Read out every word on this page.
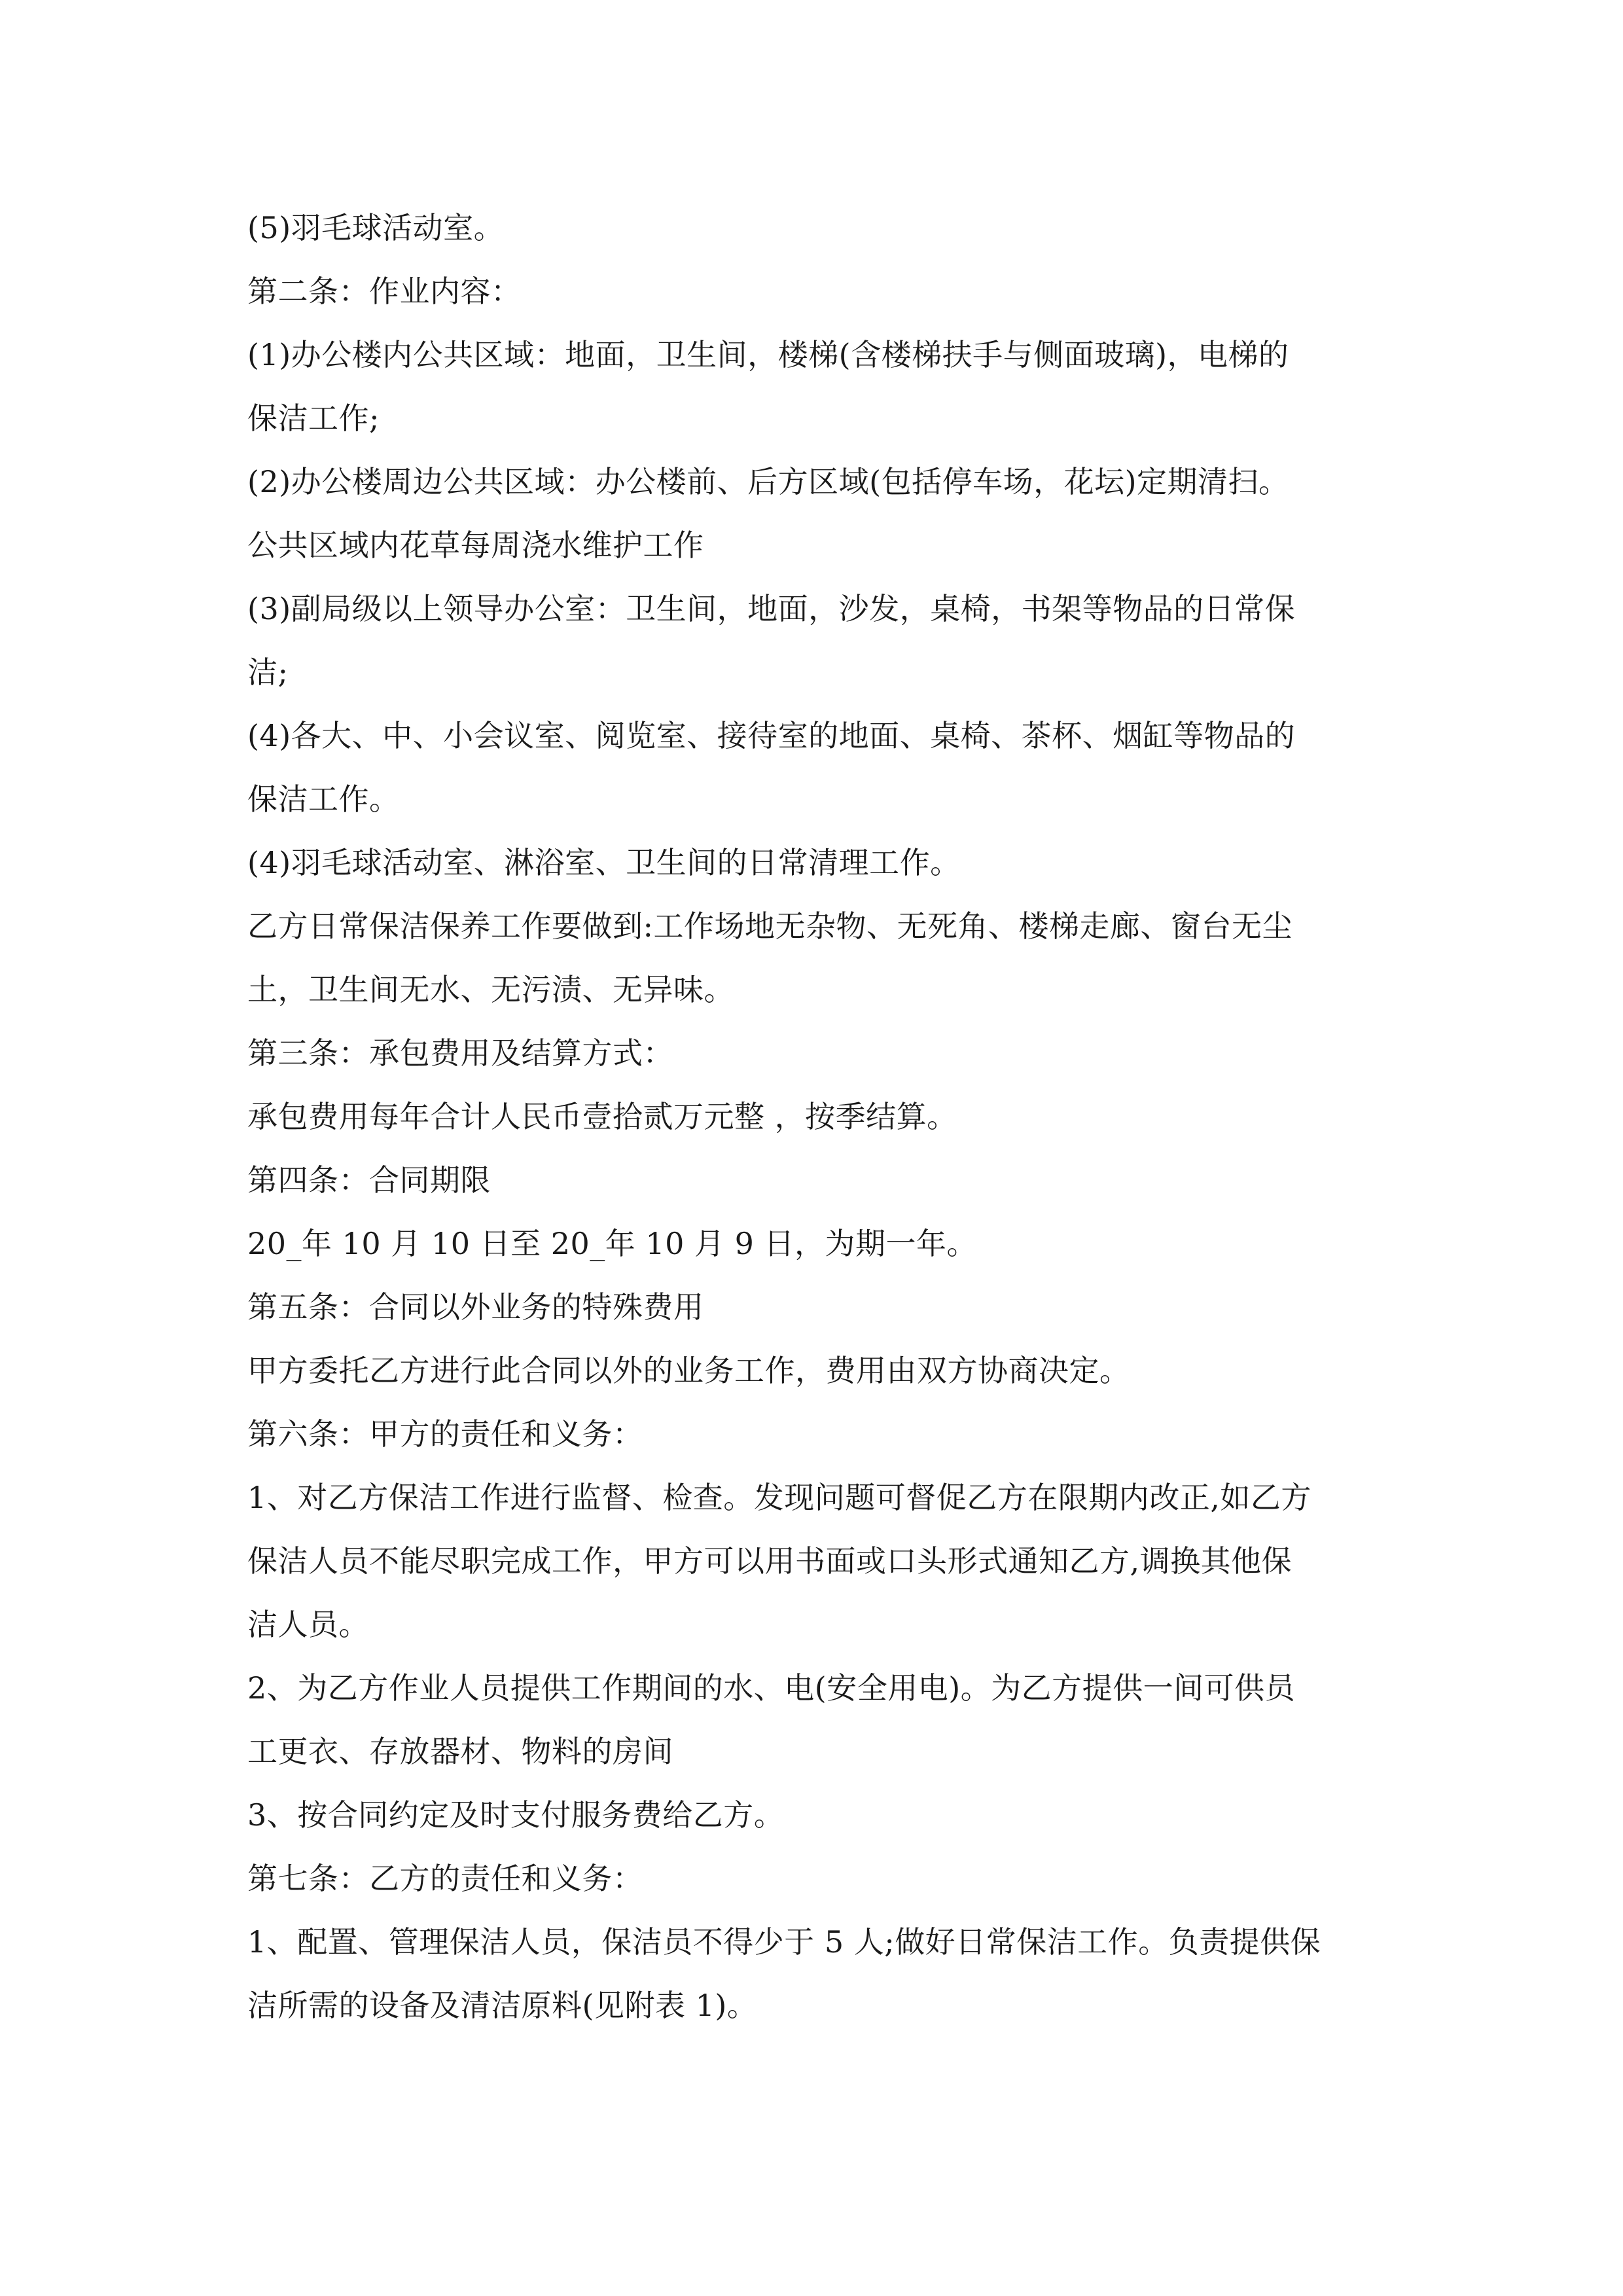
(5)羽毛球活动室。
第二条：作业内容：
(1)办公楼内公共区域：地面，卫生间，楼梯(含楼梯扶手与侧面玻璃)，电梯的
保洁工作;
(2)办公楼周边公共区域：办公楼前、后方区域(包括停车场，花坛)定期清扫。
公共区域内花草每周浇水维护工作
(3)副局级以上领导办公室：卫生间，地面，沙发，桌椅，书架等物品的日常保
洁;
(4)各大、中、小会议室、阅览室、接待室的地面、桌椅、茶杯、烟缸等物品的
保洁工作。
(4)羽毛球活动室、淋浴室、卫生间的日常清理工作。
乙方日常保洁保养工作要做到:工作场地无杂物、无死角、楼梯走廊、窗台无尘
土，卫生间无水、无污渍、无异味。
第三条：承包费用及结算方式：
承包费用每年合计人民币壹拾贰万元整 ，按季结算。
第四条：合同期限
20_年 10 月 10 日至 20_年 10 月 9 日，为期一年。
第五条：合同以外业务的特殊费用
甲方委托乙方进行此合同以外的业务工作，费用由双方协商决定。
第六条：甲方的责任和义务：
1、对乙方保洁工作进行监督、检查。发现问题可督促乙方在限期内改正,如乙方
保洁人员不能尽职完成工作，甲方可以用书面或口头形式通知乙方,调换其他保
洁人员。
2、为乙方作业人员提供工作期间的水、电(安全用电)。为乙方提供一间可供员
工更衣、存放器材、物料的房间
3、按合同约定及时支付服务费给乙方。
第七条：乙方的责任和义务：
1、配置、管理保洁人员，保洁员不得少于 5 人;做好日常保洁工作。负责提供保
洁所需的设备及清洁原料(见附表 1)。
